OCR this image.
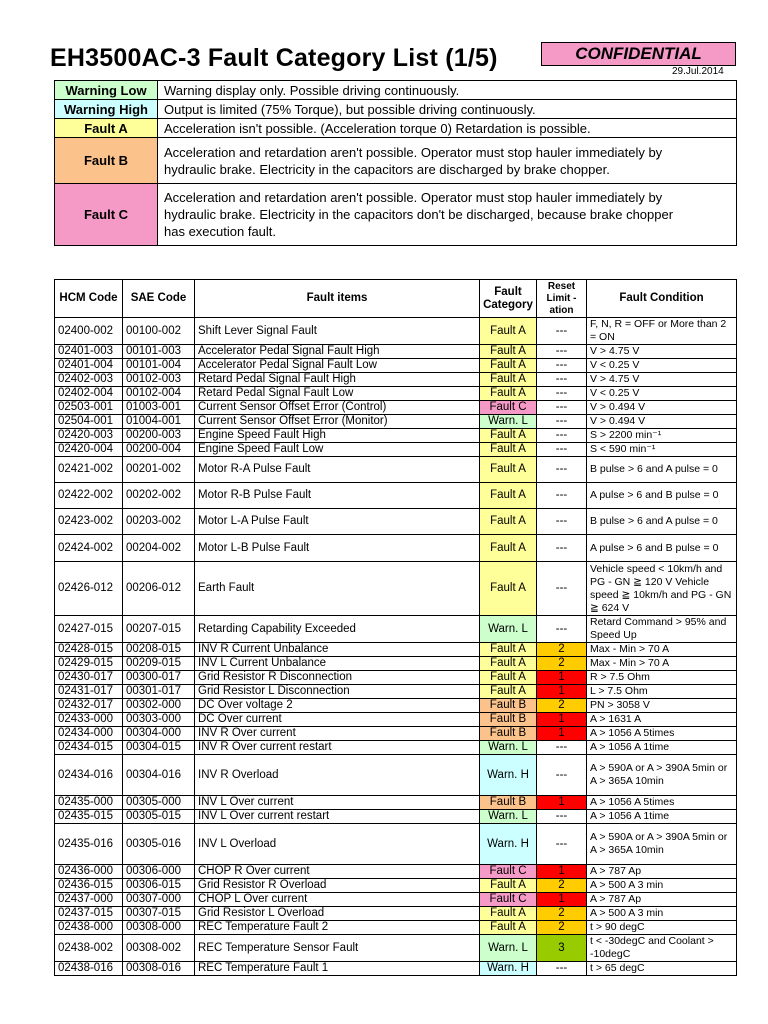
EH3500AC-3 Fault Category List (1/5)	CONFIDENTIAL
29.Jul.2014
Warning Low	Warning display only. Possible driving continuously.
Warning High	Output is limited (75% Torque), but possible driving continuously.
Fault A	Acceleration isn't possible. (Acceleration torque 0) Retardation is possible.
Fault B	Acceleration and retardation aren't possible. Operator must stop hauler immediately by hydraulic brake. Electricity in the capacitors are discharged by brake chopper.
Fault C	Acceleration and retardation aren't possible. Operator must stop hauler immediately by hydraulic brake. Electricity in the capacitors don't be discharged, because brake chopper has execution fault.
HCM Code	SAE Code	Fault items	Fault Category	Reset Limit -ation	Fault Condition
02400-002	00100-002	Shift Lever Signal Fault	Fault A	---	F, N, R = OFF or More than 2 = ON
02401-003	00101-003	Accelerator Pedal Signal Fault High	Fault A	---	V > 4.75 V
02401-004	00101-004	Accelerator Pedal Signal Fault Low	Fault A	---	V < 0.25 V
02402-003	00102-003	Retard Pedal Signal Fault High	Fault A	---	V > 4.75 V
02402-004	00102-004	Retard Pedal Signal Fault Low	Fault A	---	V < 0.25 V
02503-001	01003-001	Current Sensor Offset Error (Control)	Fault C	---	V > 0.494 V
02504-001	01004-001	Current Sensor Offset Error (Monitor)	Warn. L	---	V > 0.494 V
02420-003	00200-003	Engine Speed Fault High	Fault A	---	S > 2200 min⁻¹
02420-004	00200-004	Engine Speed Fault Low	Fault A	---	S < 590 min⁻¹
02421-002	00201-002	Motor R-A Pulse Fault	Fault A	---	B pulse > 6 and A pulse = 0
02422-002	00202-002	Motor R-B Pulse Fault	Fault A	---	A pulse > 6 and B pulse = 0
02423-002	00203-002	Motor L-A Pulse Fault	Fault A	---	B pulse > 6 and A pulse = 0
02424-002	00204-002	Motor L-B Pulse Fault	Fault A	---	A pulse > 6 and B pulse = 0
02426-012	00206-012	Earth Fault	Fault A	---	Vehicle speed < 10km/h and PG - GN ≧ 120 V Vehicle speed ≧ 10km/h and PG - GN ≧ 624 V
02427-015	00207-015	Retarding Capability Exceeded	Warn. L	---	Retard Command > 95% and Speed Up
02428-015	00208-015	INV R Current Unbalance	Fault A	2	Max - Min > 70 A
02429-015	00209-015	INV L Current Unbalance	Fault A	2	Max - Min > 70 A
02430-017	00300-017	Grid Resistor R Disconnection	Fault A	1	R > 7.5 Ohm
02431-017	00301-017	Grid Resistor L Disconnection	Fault A	1	L > 7.5 Ohm
02432-017	00302-000	DC Over voltage 2	Fault B	2	PN > 3058 V
02433-000	00303-000	DC Over current	Fault B	1	A > 1631 A
02434-000	00304-000	INV R Over current	Fault B	1	A > 1056 A 5times
02434-015	00304-015	INV R Over current restart	Warn. L	---	A > 1056 A 1time
02434-016	00304-016	INV R Overload	Warn. H	---	A > 590A or A > 390A 5min or A > 365A 10min
02435-000	00305-000	INV L Over current	Fault B	1	A > 1056 A 5times
02435-015	00305-015	INV L Over current restart	Warn. L	---	A > 1056 A 1time
02435-016	00305-016	INV L Overload	Warn. H	---	A > 590A or A > 390A 5min or A > 365A 10min
02436-000	00306-000	CHOP R Over current	Fault C	1	A > 787 Ap
02436-015	00306-015	Grid Resistor R Overload	Fault A	2	A > 500 A 3 min
02437-000	00307-000	CHOP L Over current	Fault C	1	A > 787 Ap
02437-015	00307-015	Grid Resistor L Overload	Fault A	2	A > 500 A 3 min
02438-000	00308-000	REC Temperature Fault 2	Fault A	2	t > 90 degC
02438-002	00308-002	REC Temperature Sensor Fault	Warn. L	3	t < -30degC and Coolant > -10degC
02438-016	00308-016	REC Temperature Fault 1	Warn. H	---	t > 65 degC
